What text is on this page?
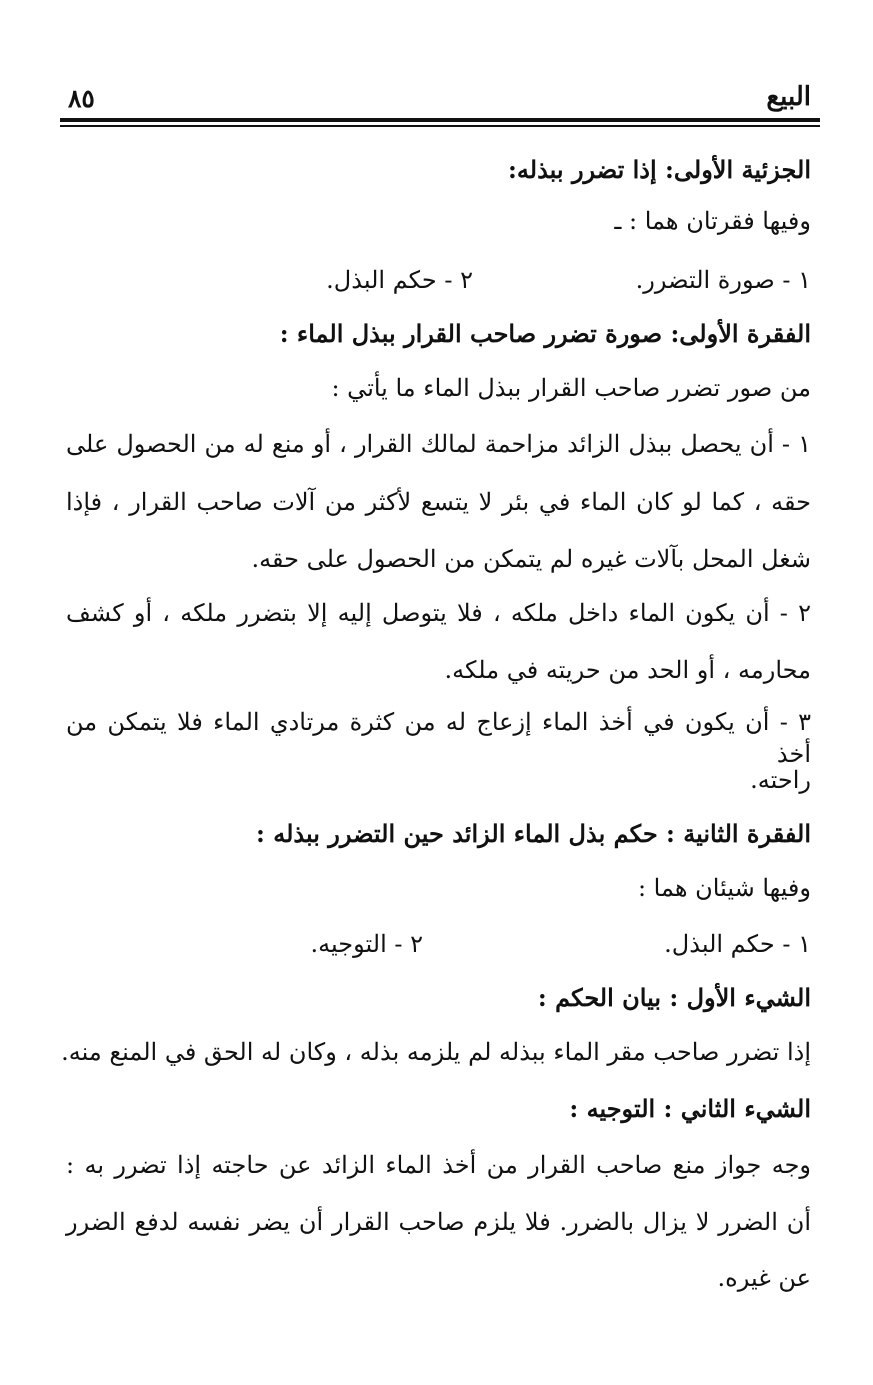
البيع
٨٥
الجزئية الأولى: إذا تضرر ببذله:
وفيها فقرتان هما : ـ
١ - صورة التضرر.
٢ - حكم البذل.
الفقرة الأولى: صورة تضرر صاحب القرار ببذل الماء :
من صور تضرر صاحب القرار ببذل الماء ما يأتي :
١ - أن يحصل ببذل الزائد مزاحمة لمالك القرار ، أو منع له من الحصول على
حقه ، كما لو كان الماء في بئر لا يتسع لأكثر من آلات صاحب القرار ، فإذا
شغل المحل بآلات غيره لم يتمكن من الحصول على حقه.
٢ - أن يكون الماء داخل ملكه ، فلا يتوصل إليه إلا بتضرر ملكه ، أو كشف
محارمه ، أو الحد من حريته في ملكه.
٣ - أن يكون في أخذ الماء إزعاج له من كثرة مرتادي الماء فلا يتمكن من أخذ
راحته.
الفقرة الثانية : حكم بذل الماء الزائد حين التضرر ببذله :
وفيها شيئان هما :
١ - حكم البذل.
٢ - التوجيه.
الشيء الأول : بيان الحكم :
إذا تضرر صاحب مقر الماء ببذله لم يلزمه بذله ، وكان له الحق في المنع منه.
الشيء الثاني : التوجيه :
وجه جواز منع صاحب القرار من أخذ الماء الزائد عن حاجته إذا تضرر به :
أن الضرر لا يزال بالضرر. فلا يلزم صاحب القرار أن يضر نفسه لدفع الضرر
عن غيره.
